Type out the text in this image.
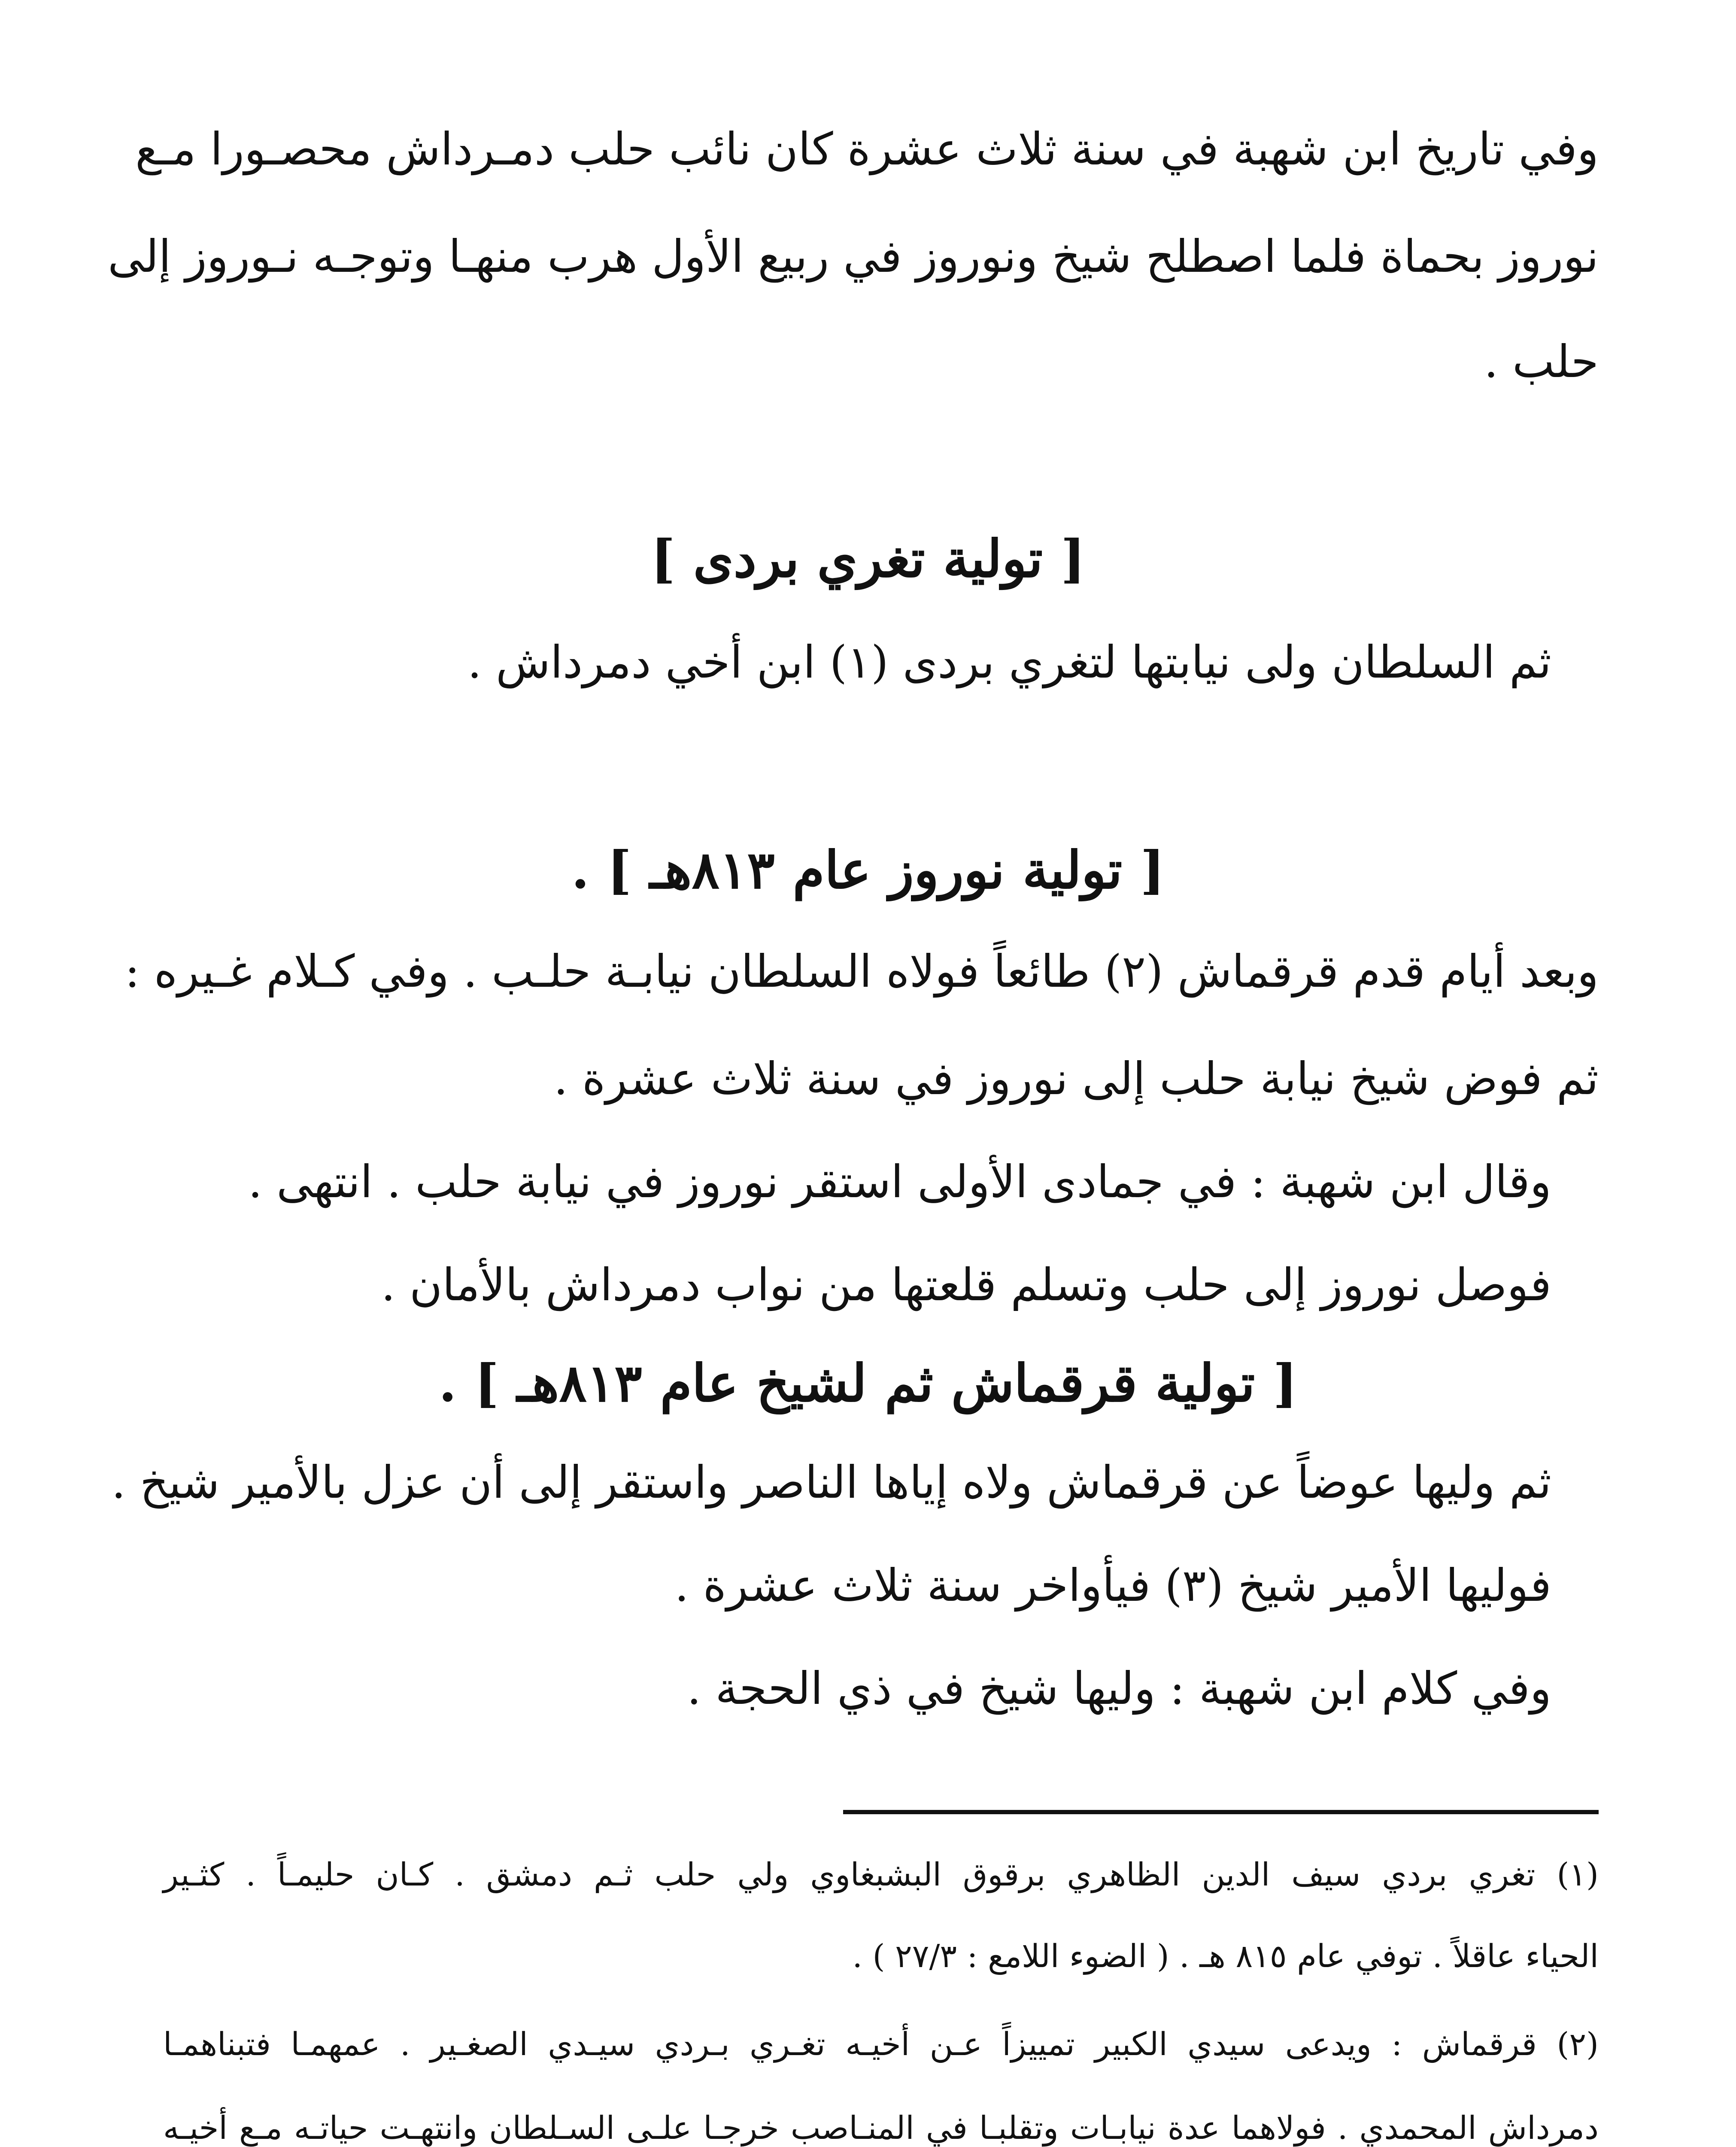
وفي تاريخ ابن شهبة في سنة ثلاث عشرة كان نائب حلب دمـرداش محصـورا مـع
نوروز بحماة فلما اصطلح شيخ ونوروز في ربيع الأول هرب منهـا وتوجـه نـوروز إلى
حلب .
[ تولية تغري بردى ]
ثم السلطان ولى نيابتها لتغري بردى (١) ابن أخي دمرداش .
[ تولية نوروز عام ٨١٣هـ ] .
وبعد أيام قدم قرقماش (٢) طائعاً فولاه السلطان نيابـة حلـب . وفي كـلام غـيره :
ثم فوض شيخ نيابة حلب إلى نوروز في سنة ثلاث عشرة .
وقال ابن شهبة : في جمادى الأولى استقر نوروز في نيابة حلب . انتهى .
فوصل نوروز إلى حلب وتسلم قلعتها من نواب دمرداش بالأمان .
[ تولية قرقماش ثم لشيخ عام ٨١٣هـ ] .
ثم وليها عوضاً عن قرقماش ولاه إياها الناصر واستقر إلى أن عزل بالأمير شيخ .
فوليها الأمير شيخ (٣) فيأواخر سنة ثلاث عشرة .
وفي كلام ابن شهبة : وليها شيخ في ذي الحجة .
(١) تغري بردي سيف الدين الظاهري برقوق البشبغاوي ولي حلب ثـم دمشق . كـان حليمـاً . كثـير
الحياء عاقلاً . توفي عام ٨١٥ هـ . ( الضوء اللامع : ٢٧/٣ ) .
(٢) قرقماش : ويدعى سيدي الكبير تمييزاً عـن أخيـه تغـري بـردي سيـدي الصغـير . عمهمـا فتبناهمـا
دمرداش المحمدي . فولاهما عدة نيابـات وتقلبـا في المنـاصب خرجـا علـى السـلطان وانتهـت حياتـه مـع أخيـه
